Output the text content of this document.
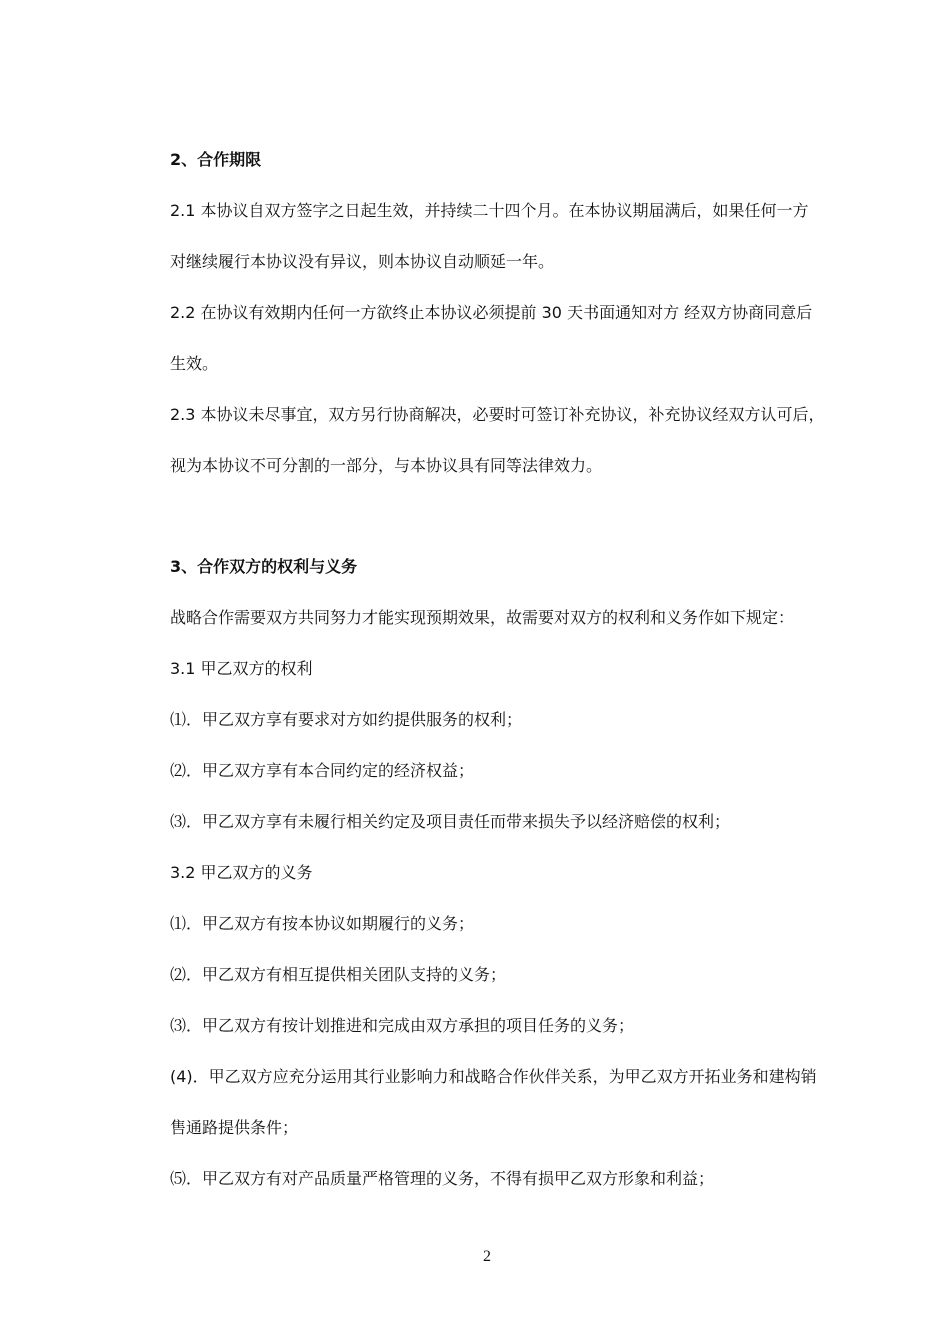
2、合作期限
2.1 本协议自双方签字之日起生效，并持续二十四个月。在本协议期届满后，如果任何一方
对继续履行本协议没有异议，则本协议自动顺延一年。
2.2 在协议有效期内任何一方欲终止本协议必须提前 30 天书面通知对方 经双方协商同意后
生效。
2.3 本协议未尽事宜，双方另行协商解决，必要时可签订补充协议，补充协议经双方认可后，
视为本协议不可分割的一部分，与本协议具有同等法律效力。
3、合作双方的权利与义务
战略合作需要双方共同努力才能实现预期效果，故需要对双方的权利和义务作如下规定：
3.1 甲乙双方的权利
⑴．甲乙双方享有要求对方如约提供服务的权利；
⑵．甲乙双方享有本合同约定的经济权益；
⑶．甲乙双方享有未履行相关约定及项目责任而带来损失予以经济赔偿的权利；
3.2 甲乙双方的义务
⑴．甲乙双方有按本协议如期履行的义务；
⑵．甲乙双方有相互提供相关团队支持的义务；
⑶．甲乙双方有按计划推进和完成由双方承担的项目任务的义务；
(4)．甲乙双方应充分运用其行业影响力和战略合作伙伴关系，为甲乙双方开拓业务和建构销
售通路提供条件；
⑸．甲乙双方有对产品质量严格管理的义务，不得有损甲乙双方形象和利益；
2
